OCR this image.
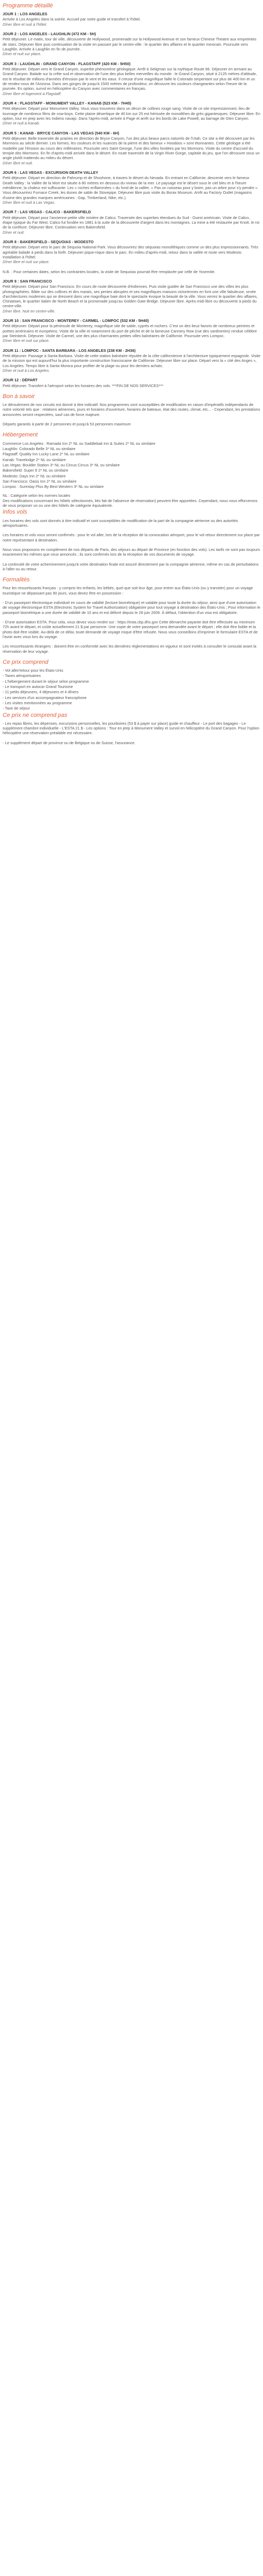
Programme détaillé
JOUR 1 : LOS ANGELES

Arrivée à Los Angeles dans la soirée. Accueil par notre guide et transfert à l'hôtel.

Dîner libre et nuit à l'hôtel.

JOUR 2 : LOS ANGELES - LAUGHLIN (472 KM - 5H)

Petit déjeuner. Le matin, tour de ville, découverte de Hollywood, promenade sur la Hollywood Avenue et son fameux Chinese Theatre aux empreintes de stars. Déjeuner libre puis continuation de la visite en passant par le centre-ville : le quartier des affaires et le quartier mexicain. Poursuite vers Laughlin. Arrivée à Laughlin en fin de journée.

Dîner et nuit sur place.

JOUR 3 : LAUGHLIN - GRAND CANYON - FLAGSTAFF (420 KM - 5H50)

Petit déjeuner. Départ vers le Grand Canyon, superbe phénomène géologique. Arrêt à Seligman sur la mythique Route 66. Déjeuner en arrivant au Grand Canyon. Balade sur la crête sud et observation de l'une des plus belles merveilles du monde : le Grand Canyon, situé à 2125 mètres d'altitude, est le résultat de millions d'années d'érosion par le vent et les eaux. Il creuse d'une magnifique faille le Colorado serpentant sur plus de 400 km et un de rendez-vous de l'Arizona. Dans ses gorges de jusqu'à 1500 mètres de profondeur, on découvre les couleurs changeantes selon l'heure de la journée. En option, survol en hélicoptère du Canyon avec commentaires en français.

Dîner libre et logement à Flagstaff.

JOUR 4 : FLAGSTAFF - MONUMENT VALLEY - KANAB (523 KM - 7H45)

Petit déjeuner. Départ pour Monument Valley. Vous vous trouverez dans un décor de collines rouge sang. Visite de ce site impressionnant, lieu de tournage de nombreux films de cow-boys. Cette plaine désertique de 40 km sur 25 est hérissée de monolithes de grès gigantesques. Déjeuner libre. En option, tour en jeep avec les Indiens navajo. Dans l'après-midi, arrivée à Page et arrêt sur les bords de Lake Powell, au barrage de Glen Canyon.

Dîner et nuit à Kanab.

JOUR 5 : KANAB - BRYCE CANYON - LAS VEGAS (540 KM - 6H)

Petit déjeuner. Belle traversée de prairies en direction de Bryce Canyon, l'un des plus beaux parcs naturels de l'Utah. Ce site a été découvert par les Mormons au siècle dernier. Les formes, les couleurs et les nuances de la pierre et des fameux « Hoodoos » sont étonnantes. Cette géologie a été modelée par l'érosion au cours des millénaires. Poursuite vers Saint George, l'une des villes fondées par les Mormons. Visite du centre d'accueil du temple des Mormons. En fin d'après-midi arrivée dans le désert. En route traversée de la Virgin River Gorge, capitale du jeu, que l'on découvre sous un angle plutôt inattendu au milieu du désert.

Dîner libre et nuit.

JOUR 6 : LAS VEGAS - EXCURSION DEATH VALLEY

Petit déjeuner. Départ en direction de Pahrump et de Shoshone, à travers le désert du Nevada. En entrant en Californie, descente vers le fameux Death Valley : la Vallée de la Mort est située à 80 mètres en dessous du niveau de la mer. Le paysage est le désert sous le ciel bleu et à l'heure méridienne, la chaleur est suffocante. Les « roches enflammées » du fond de la vallée. « Pas un ruisseau pour y boire, pas un arbre pour s'y pendre ». Vous découvrirez Furnace Creek, les dunes de sable de Stovepipe. Déjeuner libre puis visite du Borax Museum. Arrêt au Factory Outlet (magasins d'usine des grandes marques américaines : Gap, Timberland, Nike, etc.).

Dîner libre et nuit à Las Vegas.

JOUR 7 : LAS VEGAS - CALICO - BAKERSFIELD

Petit déjeuner. Départ pour l'ancienne petite ville minière de Calico. Traversée des superbes étendues du Sud - Ouest américain. Visite de Calico, étape typique du Far West. Calico fut fondée en 1881 à la suite de la découverte d'argent dans les montagnes. La mine a été restaurée par Knott, le roi de la confiture. Déjeuner libre. Continuation vers Bakersfield.

Dîner et nuit.

JOUR 8 : BAKERSFIELD - SEQUOIAS - MODESTO

Petit déjeuner. Départ vers le parc de Sequoia National Park. Vous découvrirez des séquoias monolithiques comme un des plus impressionnants. Très agréable balade à pieds dans la forêt. Déjeuner pique-nique dans le parc. En milieu d'après-midi, retour dans la vallée et route vers Modesto. Installation à l'hôtel.

Dîner libre et nuit sur place.

N.B. : Pour certaines dates, selon les contraintes locales, la visite de Sequoias pourrait être remplacée par celle de Yosemite.

JOUR 9 : SAN FRANCISCO

Petit déjeuner. Départ pour San Francisco. En cours de route découverte d'éoliennes. Puis visite guidée de San Francisco une des villes les plus photographiées. Bâtie sur des collines et des marais, ses pentes abruptes et ses magnifiques maisons victoriennes en font une ville fabuleuse, ornée d'architectures modernes qui se dressent dans une magnifique baie dont le spectacle évoque la beauté de la ville. Vous verrez le quartier des affaires, Chinatown, le quartier italien de North Beach et la promenade jusqu'au Golden Gate Bridge. Déjeuner libre. Après-midi libre ou découverte à pieds du centre-ville.

Dîner libre. Nuit en centre-ville.

JOUR 10 : SAN FRANCISCO - MONTEREY - CARMEL - LOMPOC (532 KM - 5H40)

Petit déjeuner. Départ pour la péninsule de Monterey, magnifique site de sable, cyprès et rochers. C'est un des lieux favoris de nombreux peintres et poètes américains et européens. Visite de la ville et notamment du port de pêche et de la fameuse Cannery Row (rue des sardineries) rendue célèbre par Steinbeck. Déjeuner. Visite de Carmel, une des plus charmantes petites villes balnéaires de Californie. Poursuite vers Lompoc.

Dîner libre et nuit sur place.

JOUR 11 : LOMPOC - SANTA BARBARA - LOS ANGELES (238 KM - 2H36)

Petit déjeuner. Passage à Santa Barbara. Visite de cette station balnéaire réputée de la côte californienne à l'architecture typiquement espagnole. Visite de la mission qui est aujourd'hui la plus importante construction franciscaine de Californie. Déjeuner libre sur place. Départ vers la « cité des Anges », Los Angeles. Temps libre à Santa Monica pour profiter de la plage ou pour les derniers achats.

Dîner et nuit à Los Angeles.

JOUR 12 : DÉPART

Petit déjeuner. Transfert à l'aéroport selon les horaires des vols. ***FIN DE NOS SERVICES***

Bon à savoir

Le déroulement de nos circuits est donné à titre indicatif. Nos programmes sont susceptibles de modification en raison d'impératifs indépendants de notre volonté tels que : relations aériennes, jours et horaires d'ouverture, horaires de bateaux, état des routes, climat, etc... - Cependant, les prestations annoncées seront respectées, sauf cas de force majeure.

Départs garantis à partir de 2 personnes et jusqu'à 53 personnes maximum

Hébergement

Commerce Los Angeles : Ramada Inn 2* NL ou Saddlebak Inn & Suites 2* NL ou similaire

Laughlin: Colorado Belle 3* NL ou similaire

Flagstaff: Quality Inn Lucky Lane 2* NL ou similaire

Kanab: Travelodge 2* NL ou similaire

Las Vegas: Boulder Station 3* NL ou Circus Circus 3* NL ou similaire

Bakersfield: Super 8 2* NL ou similaire

Modesto: Days Inn 2* NL ou similaire

San Francisco: Oasis Inn 2* NL ou similaire

Lompoc : Surestay Plus By Best Western 3* NL ou similaire

NL : Catégorie selon les normes locales

Des modifications concernant les hôtels sélectionnés, liés fait de l'absence de réservation) peuvent être apportées. Cependant, nous nous efforcerons de vous proposer un ou une des hôtels de catégorie équivalente.

Infos vols

Les horaires des vols sont donnés à titre indicatif et sont susceptibles de modification de la part de la compagnie aérienne ou des autorités aéroportuaires.

Les horaires et vols vous seront confirmés : pour le vol aller, lors de la réception de la convocation aéroport, pour le vol retour directement sur place par notre représentant à destination.

Nous vous proposons en complément de nos départs de Paris, des séjours au départ de Province (en fonction des vols). Les tarifs ne sont pas toujours exactement les mêmes que ceux annoncés ; ils sont confirmés lors de la réception de vos documents de voyage.

La continuité de votre acheminement jusqu'à votre destination finale est assuré directement par la compagnie aérienne, même en cas de perturbations à l'aller ou au retour.

Formalités

Pour les ressortissants français : y compris les enfants, les bébés, quel que soit leur âge, pour entrer aux États-Unis (ou y transiter) pour un voyage touristique ne dépassant pas 90 jours, vous devez être en possession :

- D'un passeport électronique individuel en cours de validité (lecture biométrique) et valable pour toute la durée du séjour, ainsi que d'une autorisation de voyage électronique ESTA (Electronic System for Travel Authorization) obligatoire pour tout voyage à destination des États-Unis ; Pour information le passeport biométrique a une durée de validité de 10 ans et est délivré depuis le 28 juin 2009. À défaut, l'obtention d'un visa est obligatoire.

- D'une autorisation ESTA. Pour cela, vous devez vous rendre sur : https://esta.cbp.dhs.gov Cette démarche payante doit être effectuée au minimum 72h avant le départ, et coûte actuellement 21 $ par personne. Une copie de votre passeport sera demandée avant le départ ; elle doit être lisible et la photo doit être visible. Au-delà de ce délai, toute demande de voyage risque d'être refusée. Nous vous conseillons d'imprimer le formulaire ESTA et de l'avoir avec vous lors du voyage.

Les ressortissants étrangers : doivent être en conformité avec les dernières réglementations en vigueur et sont invités à consulter le consulat avant la réservation de leur voyage.

Ce prix comprend
- Vol aller/retour pour les États-Unis
- Taxes aéroportuaires
- L'hébergement durant le séjour selon programme
- Le transport en autocar Grand Tourisme
- 11 petits déjeuners, 4 déjeuners et 4 dîners
- Les services d'un accompagnateur francophone
- Les visites mentionnées au programme
- Taxe de séjour
Ce prix ne comprend pas

- Les repas libres, les dépenses, excursions personnelles, les pourboires (53 $ à payer sur place) guide et chauffeur - Le port des bagages - Le supplément chambre individuelle - L'ESTA 21 $ - Les options : Tour en jeep à Monument Valley et survol en hélicoptère du Grand Canyon. Pour l'option hélicoptère une réservation préalable est nécessaire.

- Le supplément départ de province ou de Belgique ou de Suisse, l'assurance.
